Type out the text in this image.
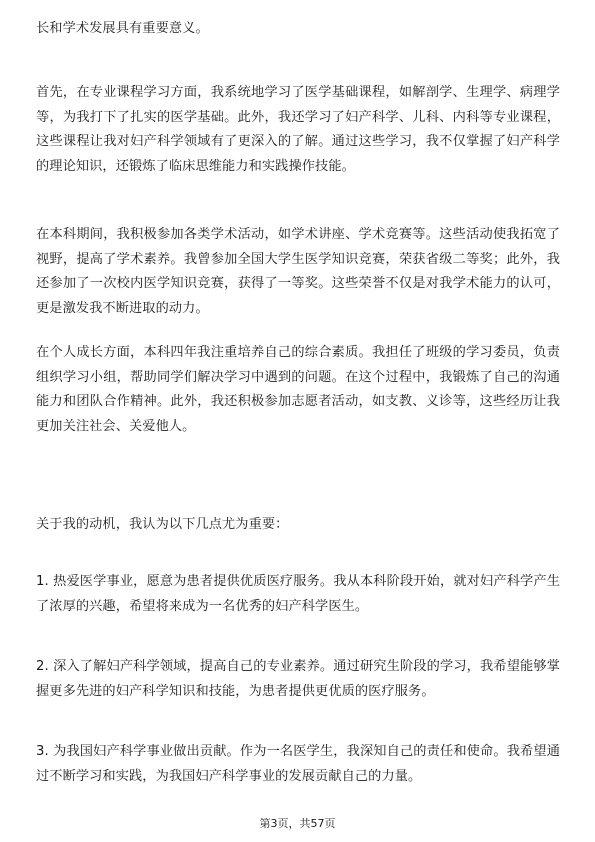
长和学术发展具有重要意义。

首先，在专业课程学习方面，我系统地学习了医学基础课程，如解剖学、生理学、病理学等，为我打下了扎实的医学基础。此外，我还学习了妇产科学、儿科、内科等专业课程，这些课程让我对妇产科学领域有了更深入的了解。通过这些学习，我不仅掌握了妇产科学的理论知识，还锻炼了临床思维能力和实践操作技能。

在本科期间，我积极参加各类学术活动，如学术讲座、学术竞赛等。这些活动使我拓宽了视野，提高了学术素养。我曾参加全国大学生医学知识竞赛，荣获省级二等奖；此外，我还参加了一次校内医学知识竞赛，获得了一等奖。这些荣誉不仅是对我学术能力的认可，更是激发我不断进取的动力。

在个人成长方面，本科四年我注重培养自己的综合素质。我担任了班级的学习委员，负责组织学习小组，帮助同学们解决学习中遇到的问题。在这个过程中，我锻炼了自己的沟通能力和团队合作精神。此外，我还积极参加志愿者活动，如支教、义诊等，这些经历让我更加关注社会、关爱他人。

关于我的动机，我认为以下几点尤为重要：

1. 热爱医学事业，愿意为患者提供优质医疗服务。我从本科阶段开始，就对妇产科学产生了浓厚的兴趣，希望将来成为一名优秀的妇产科学医生。

2. 深入了解妇产科学领域，提高自己的专业素养。通过研究生阶段的学习，我希望能够掌握更多先进的妇产科学知识和技能，为患者提供更优质的医疗服务。

3. 为我国妇产科学事业做出贡献。作为一名医学生，我深知自己的责任和使命。我希望通过不断学习和实践，为我国妇产科学事业的发展贡献自己的力量。

第3页，共57页
